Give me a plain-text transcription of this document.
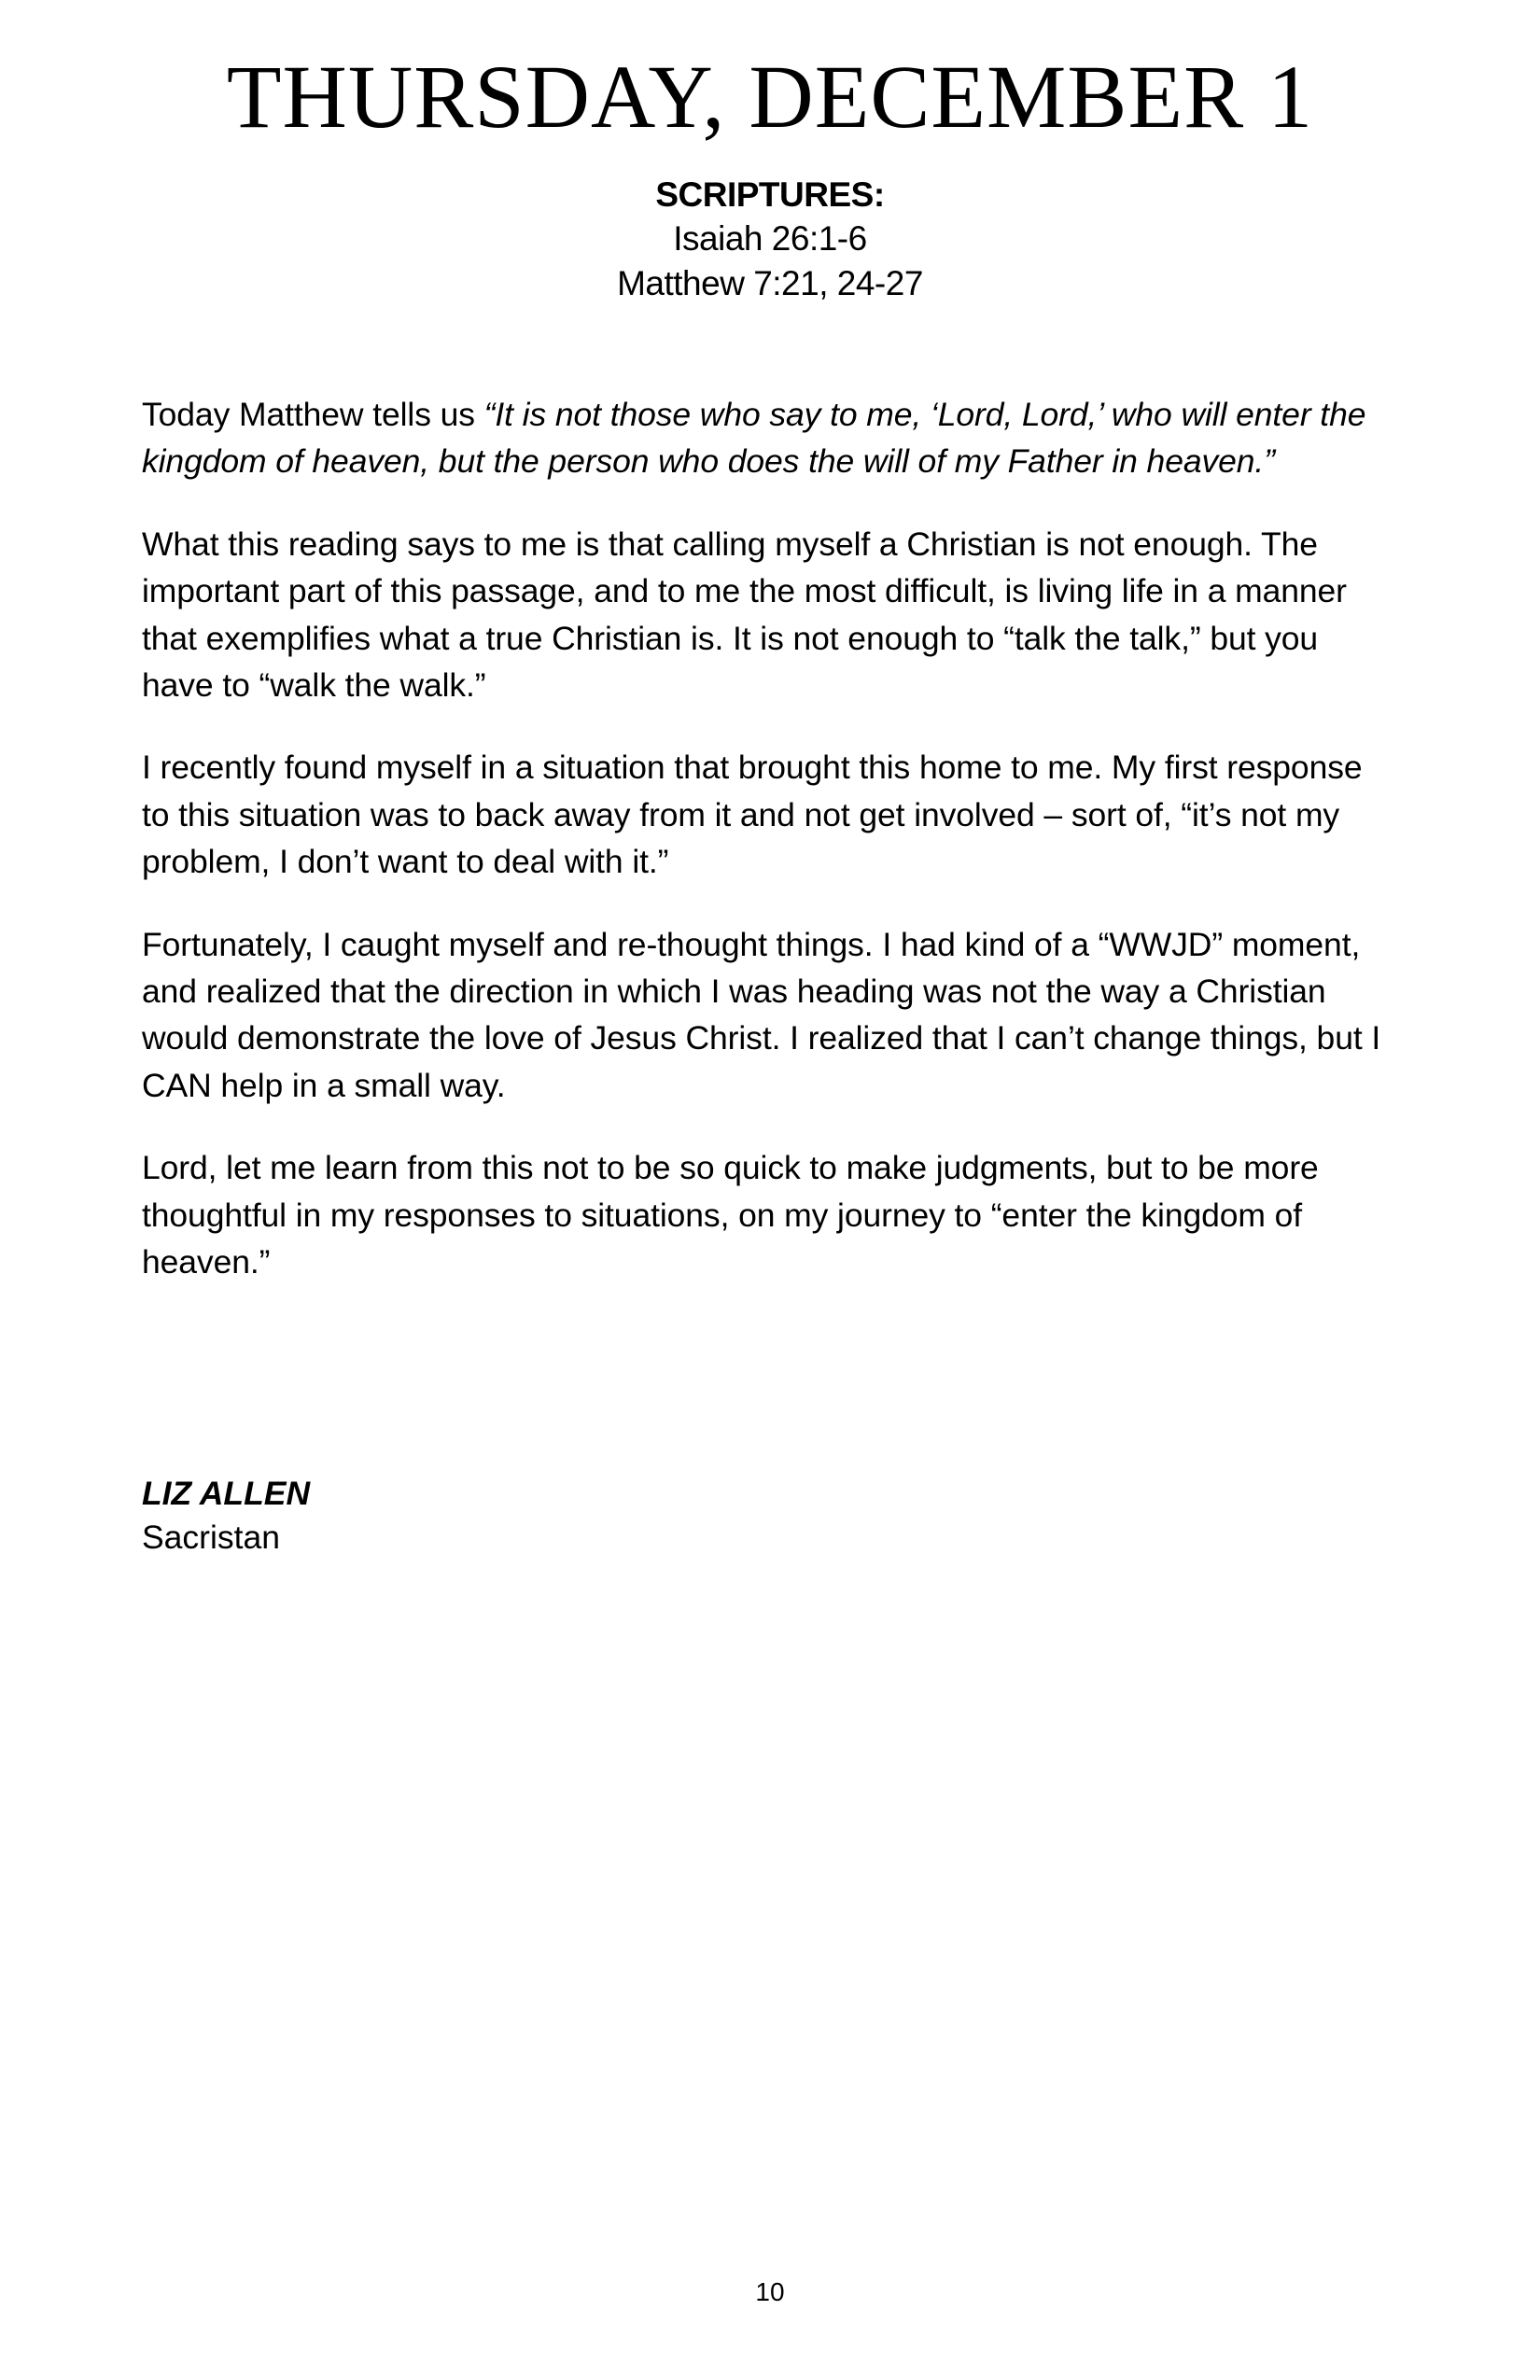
THURSDAY, DECEMBER 1
SCRIPTURES:
Isaiah 26:1-6
Matthew 7:21, 24-27

Today Matthew tells us “It is not those who say to me, ‘Lord, Lord,’ who will enter the kingdom of heaven, but the person who does the will of my Father in heaven.”

What this reading says to me is that calling myself a Christian is not enough. The important part of this passage, and to me the most difficult, is living life in a manner that exemplifies what a true Christian is. It is not enough to “talk the talk,” but you have to “walk the walk.”

I recently found myself in a situation that brought this home to me. My first response to this situation was to back away from it and not get involved – sort of, “it’s not my problem, I don’t want to deal with it.”

Fortunately, I caught myself and re-thought things. I had kind of a “WWJD” moment, and realized that the direction in which I was heading was not the way a Christian would demonstrate the love of Jesus Christ. I realized that I can’t change things, but I CAN help in a small way.

Lord, let me learn from this not to be so quick to make judgments, but to be more thoughtful in my responses to situations, on my journey to “enter the kingdom of heaven.”

LIZ ALLEN
Sacristan
10
